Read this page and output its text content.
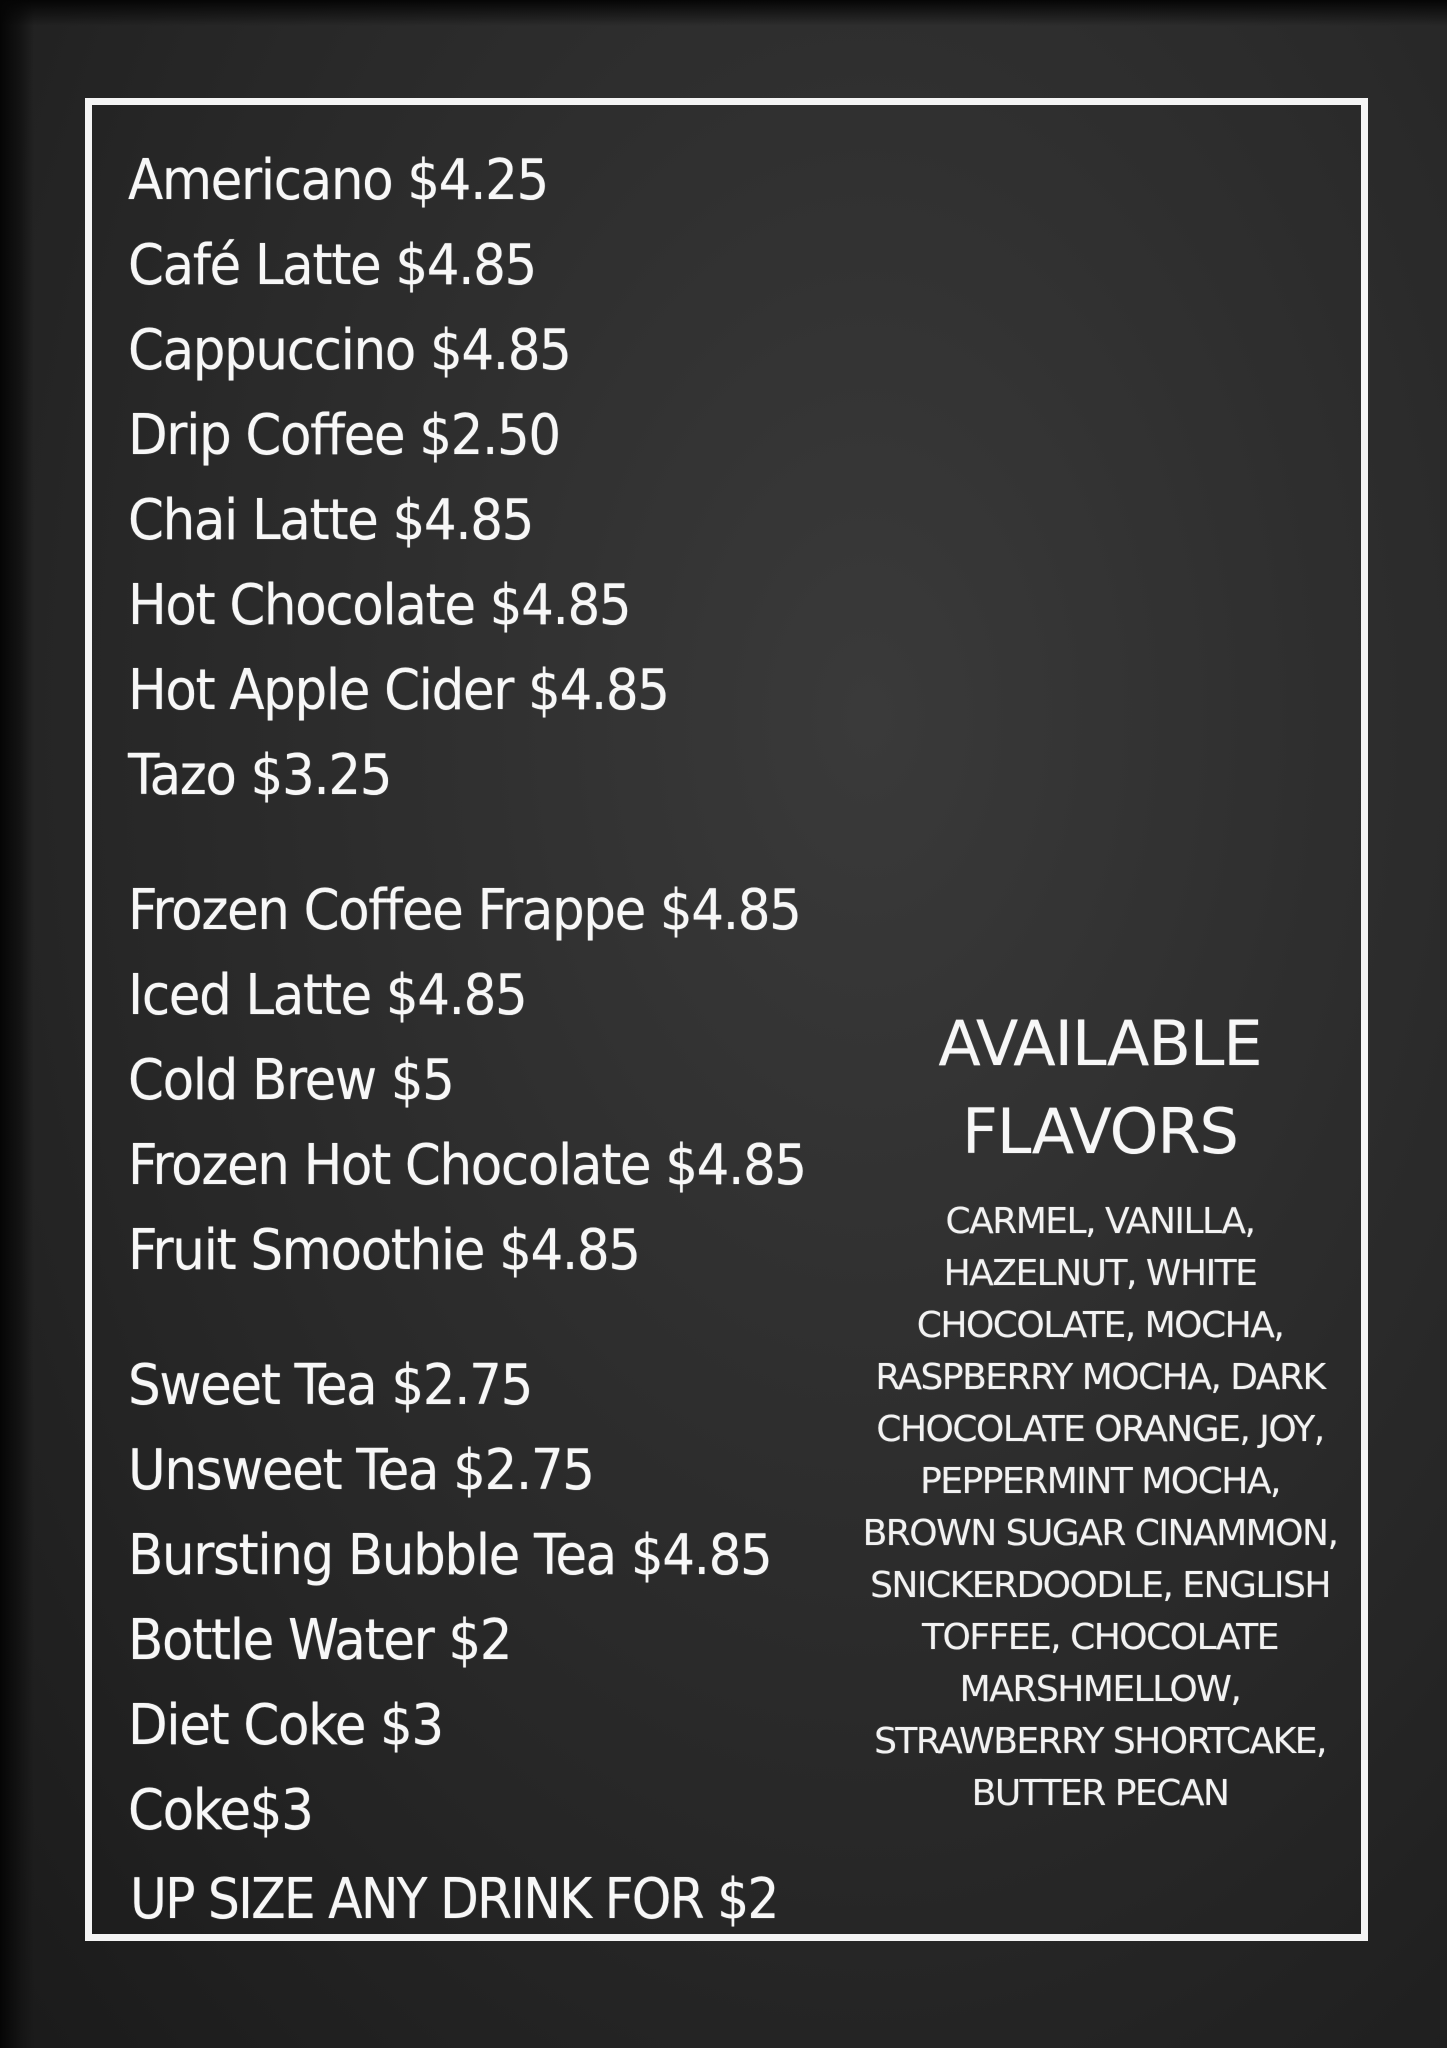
Americano $4.25
Café Latte $4.85
Cappuccino $4.85
Drip Coffee $2.50
Chai Latte $4.85
Hot Chocolate $4.85
Hot Apple Cider $4.85
Tazo $3.25
Frozen Coffee Frappe $4.85
Iced Latte $4.85
Cold Brew $5
Frozen Hot Chocolate $4.85
Fruit Smoothie $4.85
Sweet Tea $2.75
Unsweet Tea $2.75
Bursting Bubble Tea $4.85
Bottle Water $2
Diet Coke $3
Coke$3
UP SIZE ANY DRINK FOR $2
AVAILABLE
FLAVORS
CARMEL, VANILLA,
HAZELNUT, WHITE
CHOCOLATE, MOCHA,
RASPBERRY MOCHA, DARK
CHOCOLATE ORANGE, JOY,
PEPPERMINT MOCHA,
BROWN SUGAR CINAMMON,
SNICKERDOODLE, ENGLISH
TOFFEE, CHOCOLATE
MARSHMELLOW,
STRAWBERRY SHORTCAKE,
BUTTER PECAN
